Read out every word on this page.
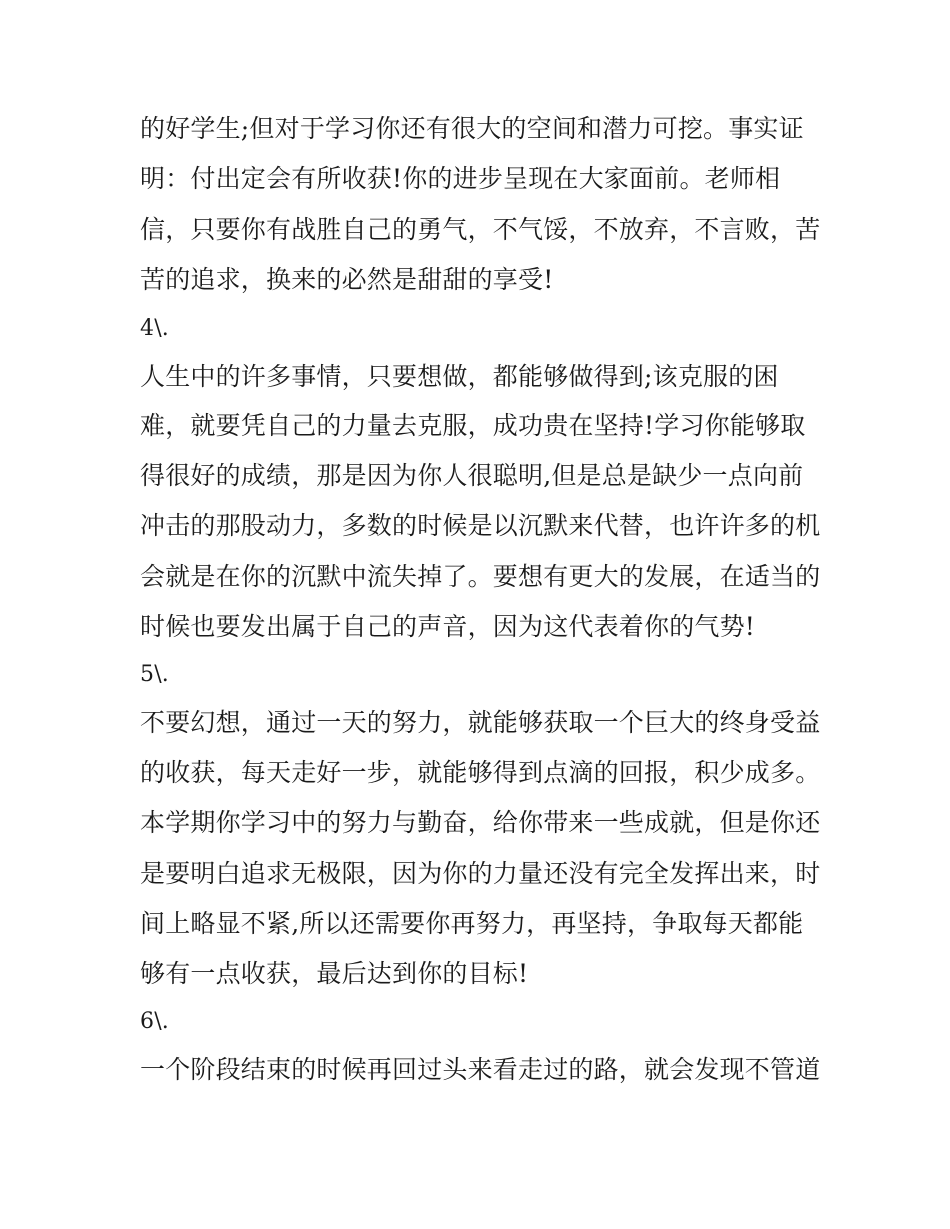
的好学生;但对于学习你还有很大的空间和潜力可挖。事实证
明：付出定会有所收获!你的进步呈现在大家面前。老师相
信，只要你有战胜自己的勇气，不气馁，不放弃，不言败，苦
苦的追求，换来的必然是甜甜的享受!
4\.
人生中的许多事情，只要想做，都能够做得到;该克服的困
难，就要凭自己的力量去克服，成功贵在坚持!学习你能够取
得很好的成绩，那是因为你人很聪明,但是总是缺少一点向前
冲击的那股动力，多数的时候是以沉默来代替，也许许多的机
会就是在你的沉默中流失掉了。要想有更大的发展，在适当的
时候也要发出属于自己的声音，因为这代表着你的气势!
5\.
不要幻想，通过一天的努力，就能够获取一个巨大的终身受益
的收获，每天走好一步，就能够得到点滴的回报，积少成多。
本学期你学习中的努力与勤奋，给你带来一些成就，但是你还
是要明白追求无极限，因为你的力量还没有完全发挥出来，时
间上略显不紧,所以还需要你再努力，再坚持，争取每天都能
够有一点收获，最后达到你的目标!
6\.
一个阶段结束的时候再回过头来看走过的路，就会发现不管道
